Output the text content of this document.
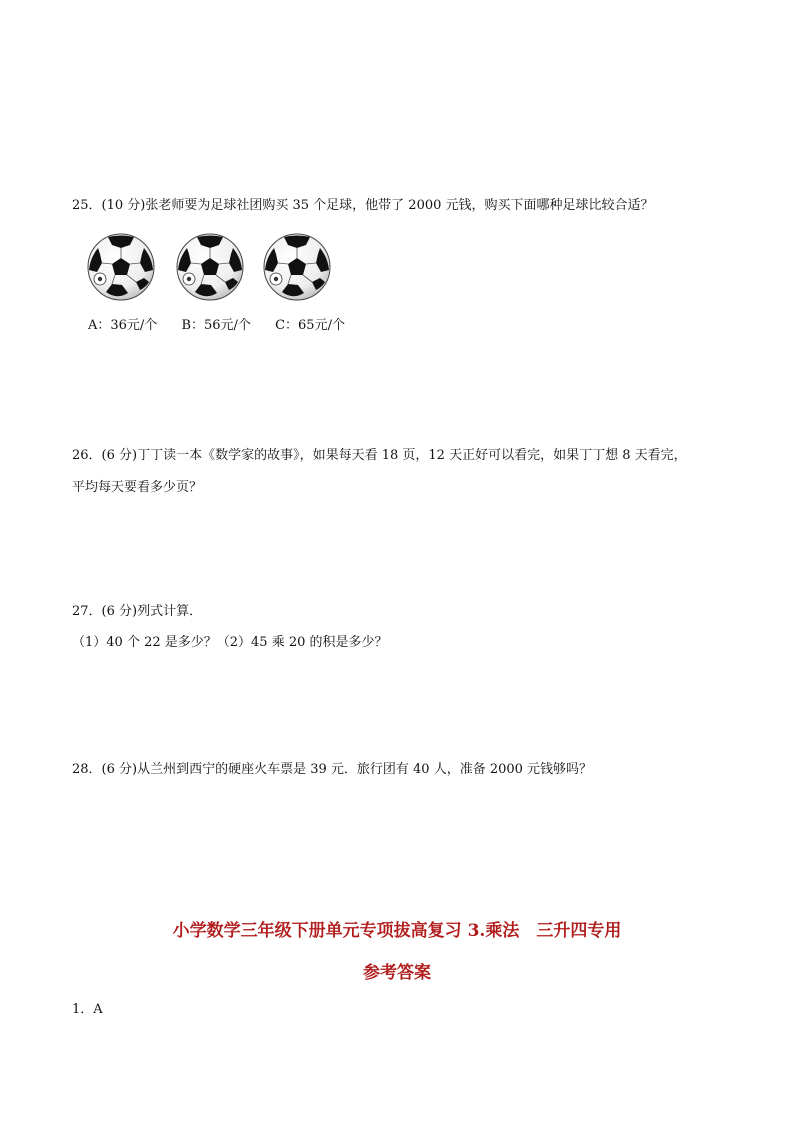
25．(10 分)张老师要为足球社团购买 35 个足球，他带了 2000 元钱，购买下面哪种足球比较合适？
A：36元/个 B：56元/个 C：65元/个
26．(6 分)丁丁读一本《数学家的故事》，如果每天看 18 页，12 天正好可以看完，如果丁丁想 8 天看完，
平均每天要看多少页？
27．(6 分)列式计算．
（1）40 个 22 是多少？（2）45 乘 20 的积是多少？
28．(6 分)从兰州到西宁的硬座火车票是 39 元．旅行团有 40 人，准备 2000 元钱够吗？
小学数学三年级下册单元专项拔高复习 3.乘法　三升四专用
参考答案
1．A
